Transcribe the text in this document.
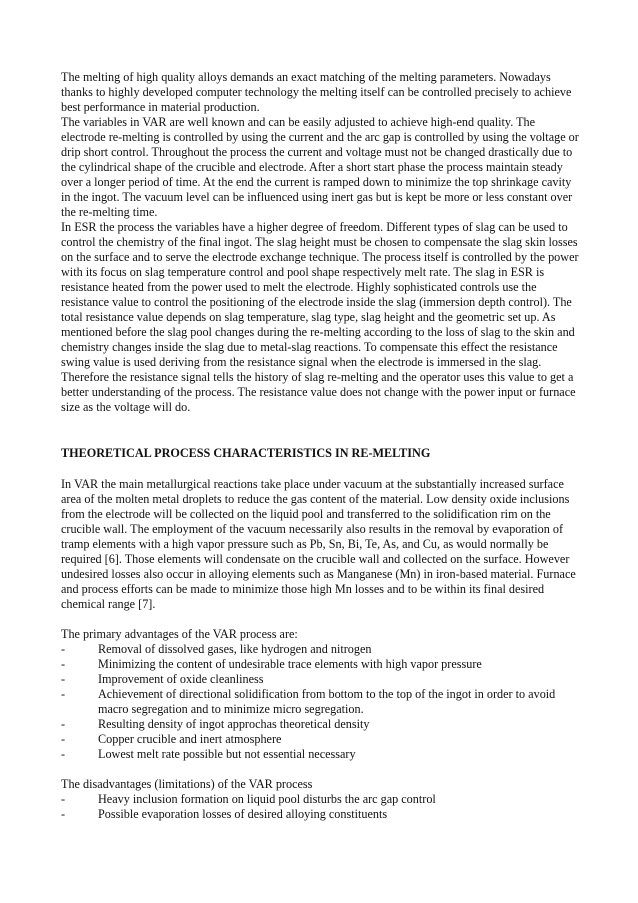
The melting of high quality alloys demands an exact matching of the melting parameters. Nowadays thanks to highly developed computer technology the melting itself can be controlled precisely to achieve best performance in material production.

The variables in VAR are well known and can be easily adjusted to achieve high-end quality. The electrode re-melting is controlled by using the current and the arc gap is controlled by using the voltage or drip short control. Throughout the process the current and voltage must not be changed drastically due to the cylindrical shape of the crucible and electrode. After a short start phase the process maintain steady over a longer period of time. At the end the current is ramped down to minimize the top shrinkage cavity in the ingot. The vacuum level can be influenced using inert gas but is kept be more or less constant over the re-melting time.

In ESR the process the variables have a higher degree of freedom. Different types of slag can be used to control the chemistry of the final ingot. The slag height must be chosen to compensate the slag skin losses on the surface and to serve the electrode exchange technique. The process itself is controlled by the power with its focus on slag temperature control and pool shape respectively melt rate. The slag in ESR is resistance heated from the power used to melt the electrode. Highly sophisticated controls use the resistance value to control the positioning of the electrode inside the slag (immersion depth control). The total resistance value depends on slag temperature, slag type, slag height and the geometric set up. As mentioned before the slag pool changes during the re-melting according to the loss of slag to the skin and chemistry changes inside the slag due to metal-slag reactions. To compensate this effect the resistance swing value is used deriving from the resistance signal when the electrode is immersed in the slag. Therefore the resistance signal tells the history of slag re-melting and the operator uses this value to get a better understanding of the process. The resistance value does not change with the power input or furnace size as the voltage will do.

THEORETICAL PROCESS CHARACTERISTICS IN RE-MELTING

In VAR the main metallurgical reactions take place under vacuum at the substantially increased surface area of the molten metal droplets to reduce the gas content of the material. Low density oxide inclusions from the electrode will be collected on the liquid pool and transferred to the solidification rim on the crucible wall. The employment of the vacuum necessarily also results in the removal by evaporation of tramp elements with a high vapor pressure such as Pb, Sn, Bi, Te, As, and Cu, as would normally be required [6]. Those elements will condensate on the crucible wall and collected on the surface. However undesired losses also occur in alloying elements such as Manganese (Mn) in iron-based material. Furnace and process efforts can be made to minimize those high Mn losses and to be within its final desired chemical range [7].

The primary advantages of the VAR process are:

-	Removal of dissolved gases, like hydrogen and nitrogen
-	Minimizing the content of undesirable trace elements with high vapor pressure
-	Improvement of oxide cleanliness
-	Achievement of directional solidification from bottom to the top of the ingot in order to avoid macro segregation and to minimize micro segregation.
-	Resulting density of ingot approchas theoretical density
-	Copper crucible and inert atmosphere
-	Lowest melt rate possible but not essential necessary

The disadvantages (limitations) of the VAR process

-	Heavy inclusion formation on liquid pool disturbs the arc gap control
-	Possible evaporation losses of desired alloying constituents
